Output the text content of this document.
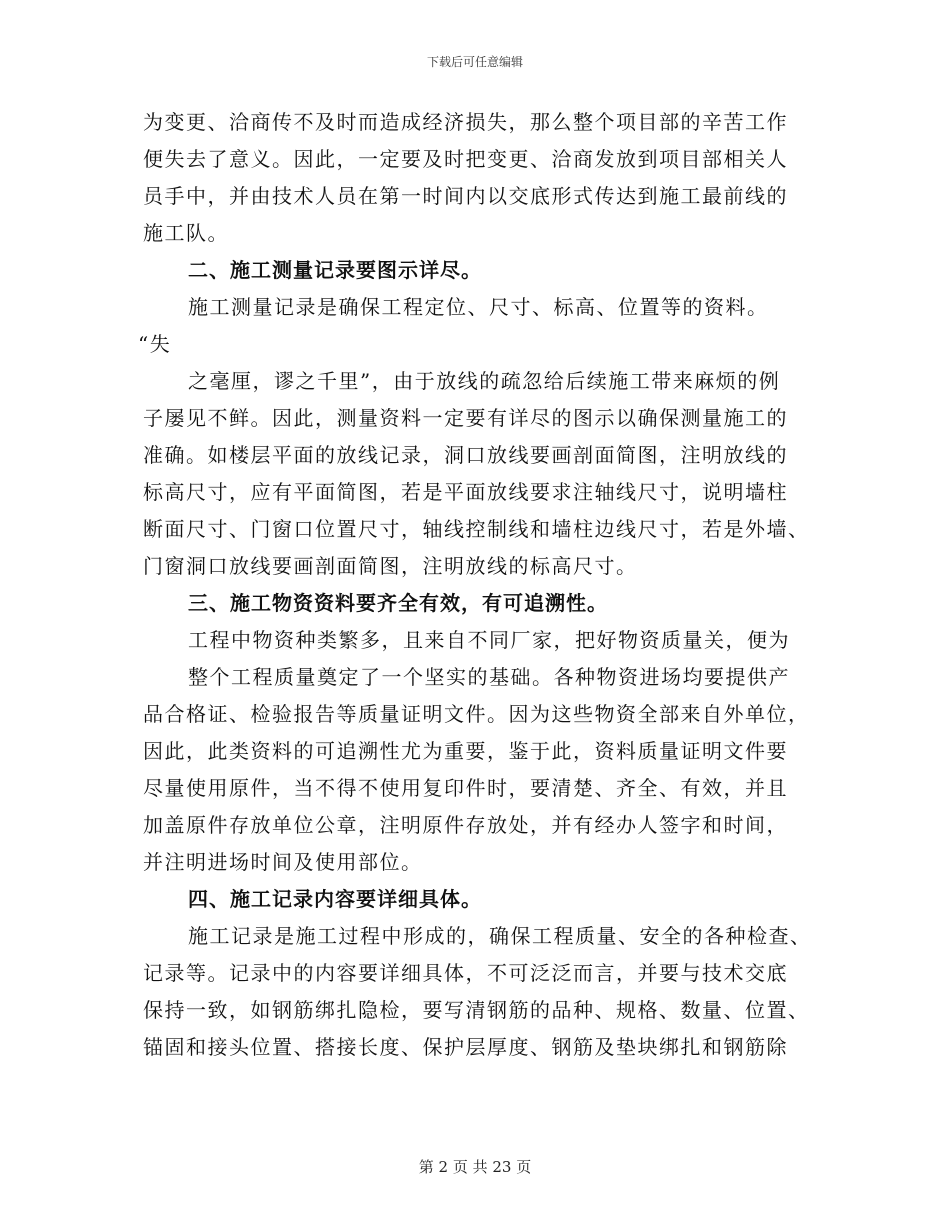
下载后可任意编辑
为变更、洽商传不及时而造成经济损失，那么整个项目部的辛苦工作
便失去了意义。因此，一定要及时把变更、洽商发放到项目部相关人
员手中，并由技术人员在第一时间内以交底形式传达到施工最前线的
施工队。
二、施工测量记录要图示详尽。
施工测量记录是确保工程定位、尺寸、标高、位置等的资料。
“失
之毫厘，谬之千里”，由于放线的疏忽给后续施工带来麻烦的例
子屡见不鲜。因此，测量资料一定要有详尽的图示以确保测量施工的
准确。如楼层平面的放线记录，洞口放线要画剖面简图，注明放线的
标高尺寸，应有平面简图，若是平面放线要求注轴线尺寸，说明墙柱
断面尺寸、门窗口位置尺寸，轴线控制线和墙柱边线尺寸，若是外墙、
门窗洞口放线要画剖面简图，注明放线的标高尺寸。
三、施工物资资料要齐全有效，有可追溯性。
工程中物资种类繁多，且来自不同厂家，把好物资质量关，便为
整个工程质量奠定了一个坚实的基础。各种物资进场均要提供产
品合格证、检验报告等质量证明文件。因为这些物资全部来自外单位，
因此，此类资料的可追溯性尤为重要，鉴于此，资料质量证明文件要
尽量使用原件，当不得不使用复印件时，要清楚、齐全、有效，并且
加盖原件存放单位公章，注明原件存放处，并有经办人签字和时间，
并注明进场时间及使用部位。
四、施工记录内容要详细具体。
施工记录是施工过程中形成的，确保工程质量、安全的各种检查、
记录等。记录中的内容要详细具体，不可泛泛而言，并要与技术交底
保持一致，如钢筋绑扎隐检，要写清钢筋的品种、规格、数量、位置、
锚固和接头位置、搭接长度、保护层厚度、钢筋及垫块绑扎和钢筋除
第 2 页 共 23 页
